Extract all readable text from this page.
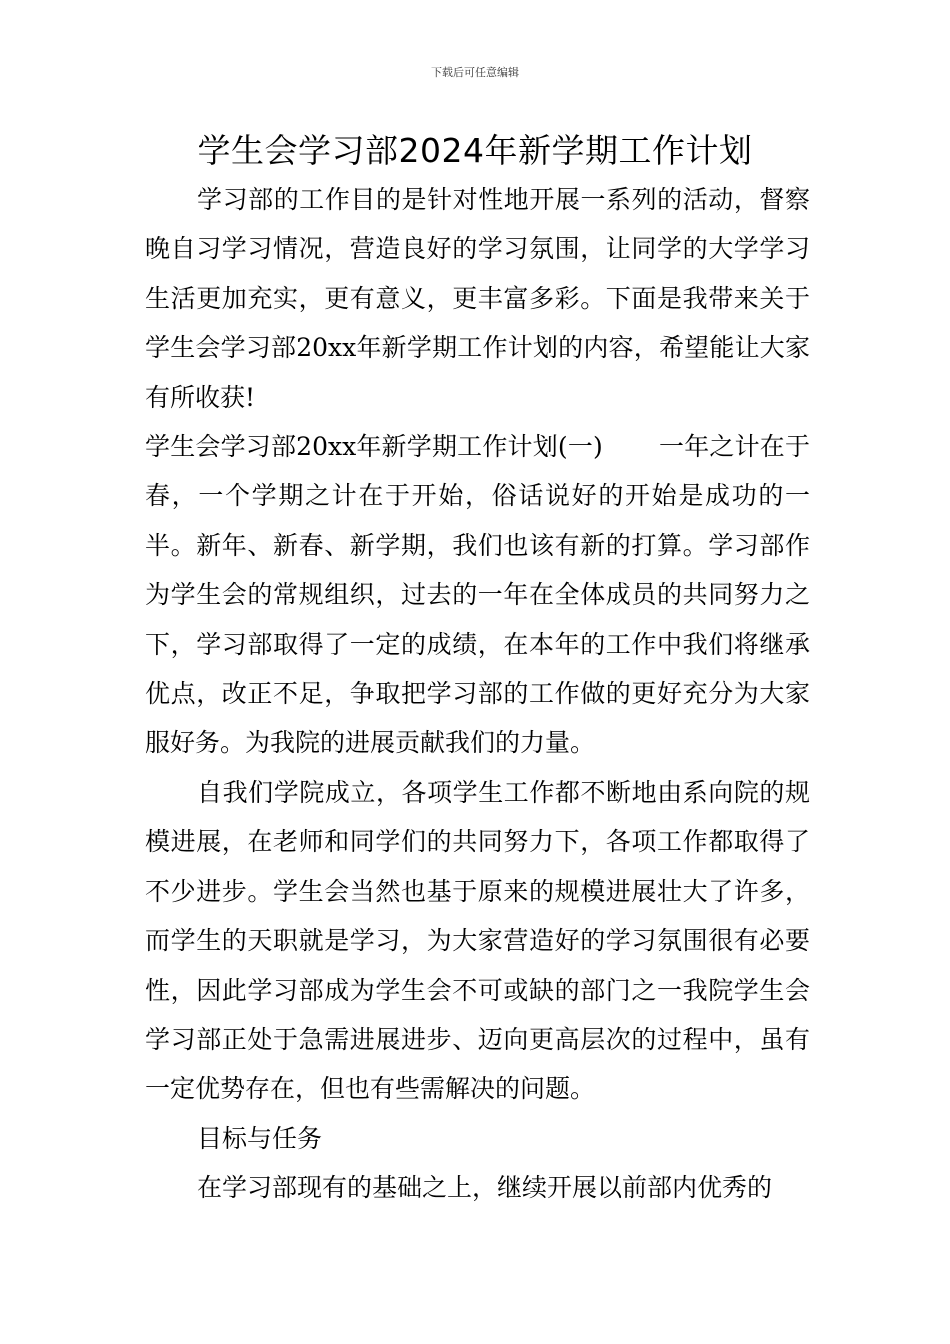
下载后可任意编辑
学生会学习部2024年新学期工作计划

学习部的工作目的是针对性地开展一系列的活动，督察晚自习学习情况，营造良好的学习氛围，让同学的大学学习生活更加充实，更有意义，更丰富多彩。下面是我带来关于学生会学习部20xx年新学期工作计划的内容，希望能让大家有所收获!

学生会学习部20xx年新学期工作计划(一) 一年之计在于春，一个学期之计在于开始，俗话说好的开始是成功的一半。新年、新春、新学期，我们也该有新的打算。学习部作为学生会的常规组织，过去的一年在全体成员的共同努力之下，学习部取得了一定的成绩，在本年的工作中我们将继承优点，改正不足，争取把学习部的工作做的更好充分为大家服好务。为我院的进展贡献我们的力量。

自我们学院成立，各项学生工作都不断地由系向院的规模进展，在老师和同学们的共同努力下，各项工作都取得了不少进步。学生会当然也基于原来的规模进展壮大了许多，而学生的天职就是学习，为大家营造好的学习氛围很有必要性，因此学习部成为学生会不可或缺的部门之一我院学生会学习部正处于急需进展进步、迈向更高层次的过程中，虽有一定优势存在，但也有些需解决的问题。

目标与任务

在学习部现有的基础之上，继续开展以前部内优秀的
